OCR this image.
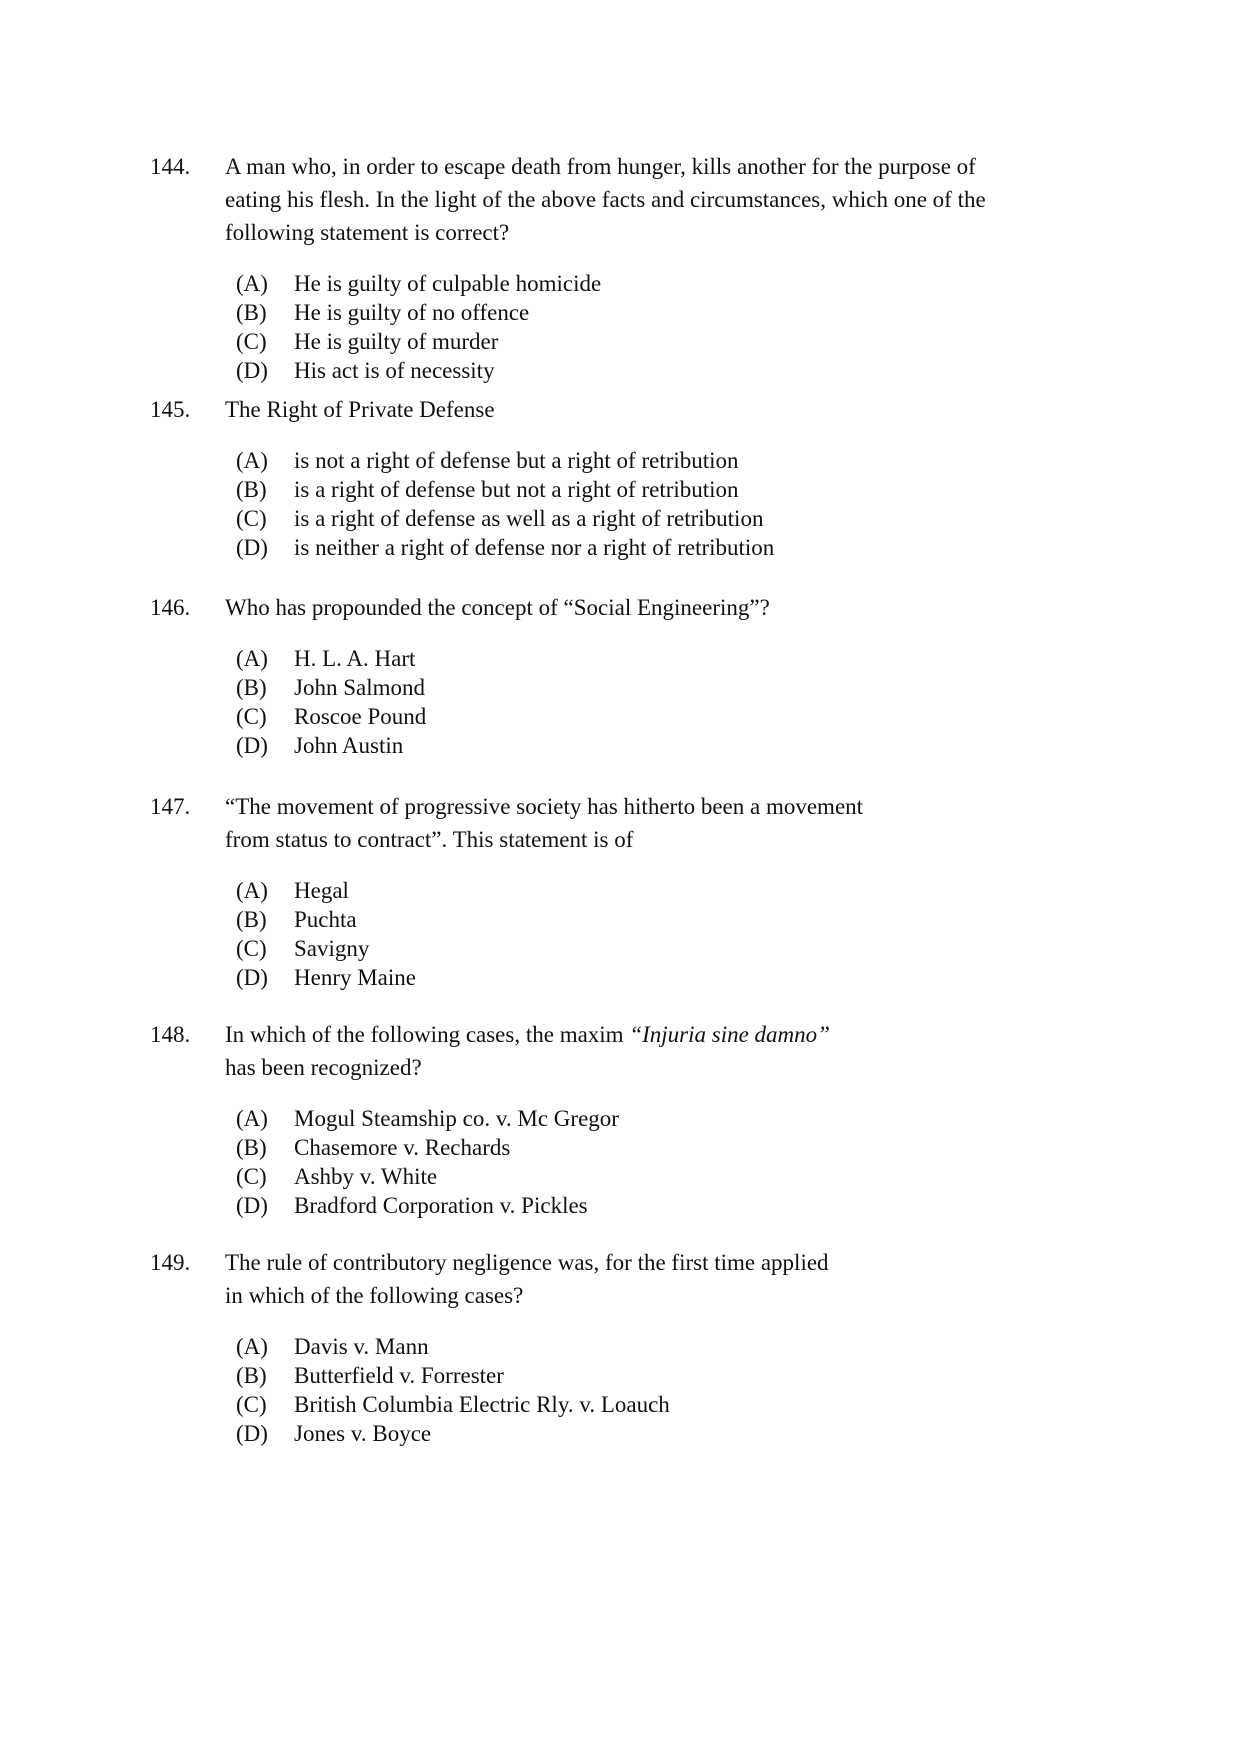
144. A man who, in order to escape death from hunger, kills another for the purpose of
eating his flesh. In the light of the above facts and circumstances, which one of the
following statement is correct?
(A)	He is guilty of culpable homicide
(B)	He is guilty of no offence
(C)	He is guilty of murder
(D)	His act is of necessity
145. The Right of Private Defense
(A)	is not a right of defense but a right of retribution
(B)	is a right of defense but not a right of retribution
(C)	is a right of defense as well as a right of retribution
(D)	is neither a right of defense nor a right of retribution
146. Who has propounded the concept of “Social Engineering”?
(A)	H. L. A. Hart
(B)	John Salmond
(C)	Roscoe Pound
(D)	John Austin
147. “The movement of progressive society has hitherto been a movement
from status to contract”. This statement is of
(A)	Hegal
(B)	Puchta
(C)	Savigny
(D)	Henry Maine
148. In which of the following cases, the maxim “Injuria sine damno”
has been recognized?
(A)	Mogul Steamship co. v. Mc Gregor
(B)	Chasemore v. Rechards
(C)	Ashby v. White
(D)	Bradford Corporation v. Pickles
149. The rule of contributory negligence was, for the first time applied
in which of the following cases?
(A)	Davis v. Mann
(B)	Butterfield v. Forrester
(C)	British Columbia Electric Rly. v. Loauch
(D)	Jones v. Boyce
